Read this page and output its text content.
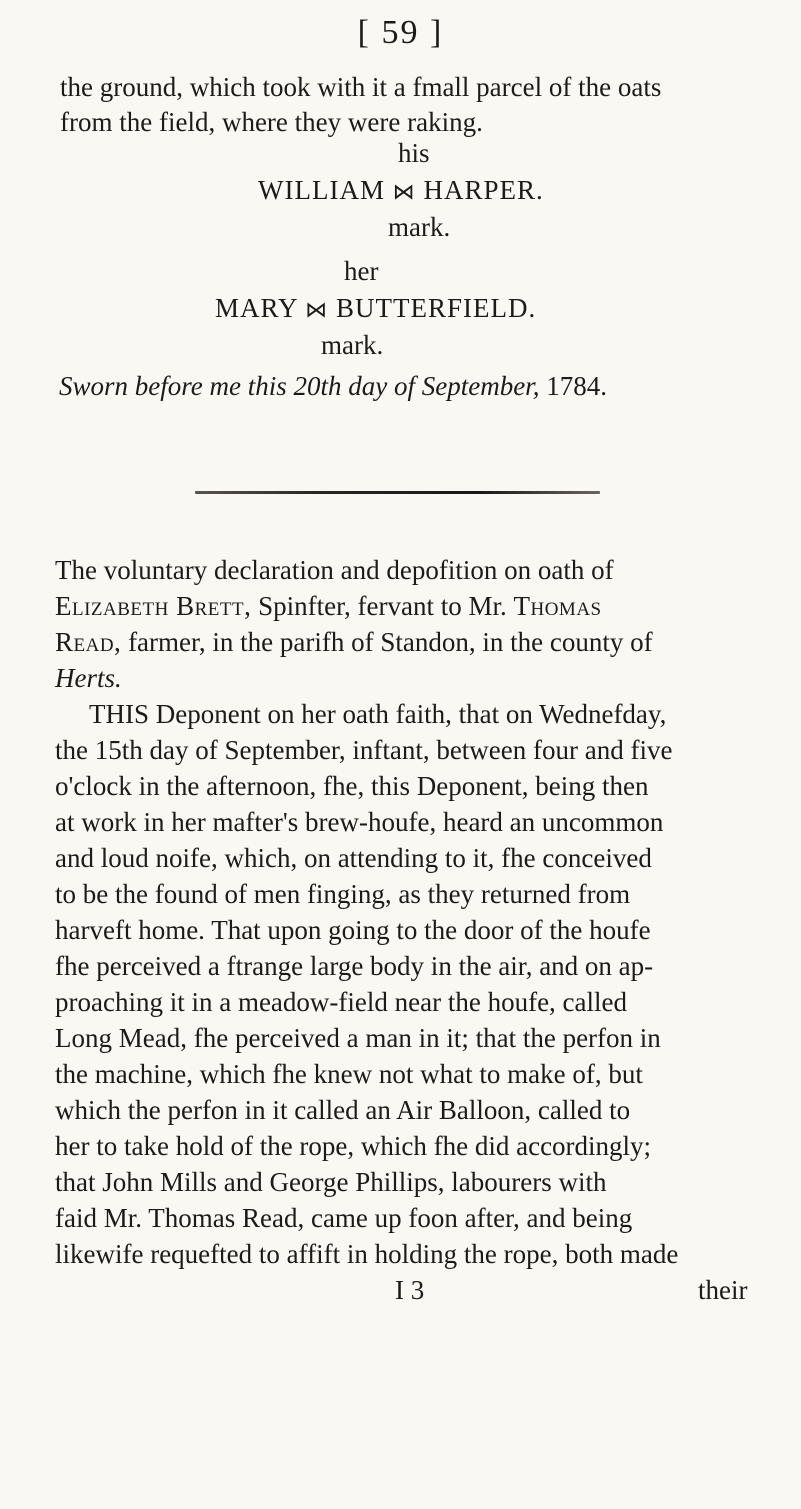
[ 59 ]
the ground, which took with it a fmall parcel of the oats
from the field, where they were raking.
his
WILLIAM ⋈ HARPER.
mark.
her
MARY ⋈ BUTTERFIELD.
mark.
Sworn before me this 20th day of September, 1784.
The voluntary declaration and depofition on oath of
Elizabeth Brett, Spinfter, fervant to Mr. Thomas
Read, farmer, in the parifh of Standon, in the county of
Herts.
THIS Deponent on her oath faith, that on Wednefday,
the 15th day of September, inftant, between four and five
o'clock in the afternoon, fhe, this Deponent, being then
at work in her mafter's brew-houfe, heard an uncommon
and loud noife, which, on attending to it, fhe conceived
to be the found of men finging, as they returned from
harveft home. That upon going to the door of the houfe
fhe perceived a ftrange large body in the air, and on ap-
proaching it in a meadow-field near the houfe, called
Long Mead, fhe perceived a man in it; that the perfon in
the machine, which fhe knew not what to make of, but
which the perfon in it called an Air Balloon, called to
her to take hold of the rope, which fhe did accordingly;
that John Mills and George Phillips, labourers with
faid Mr. Thomas Read, came up foon after, and being
likewife requefted to affift in holding the rope, both made
I 3	their
